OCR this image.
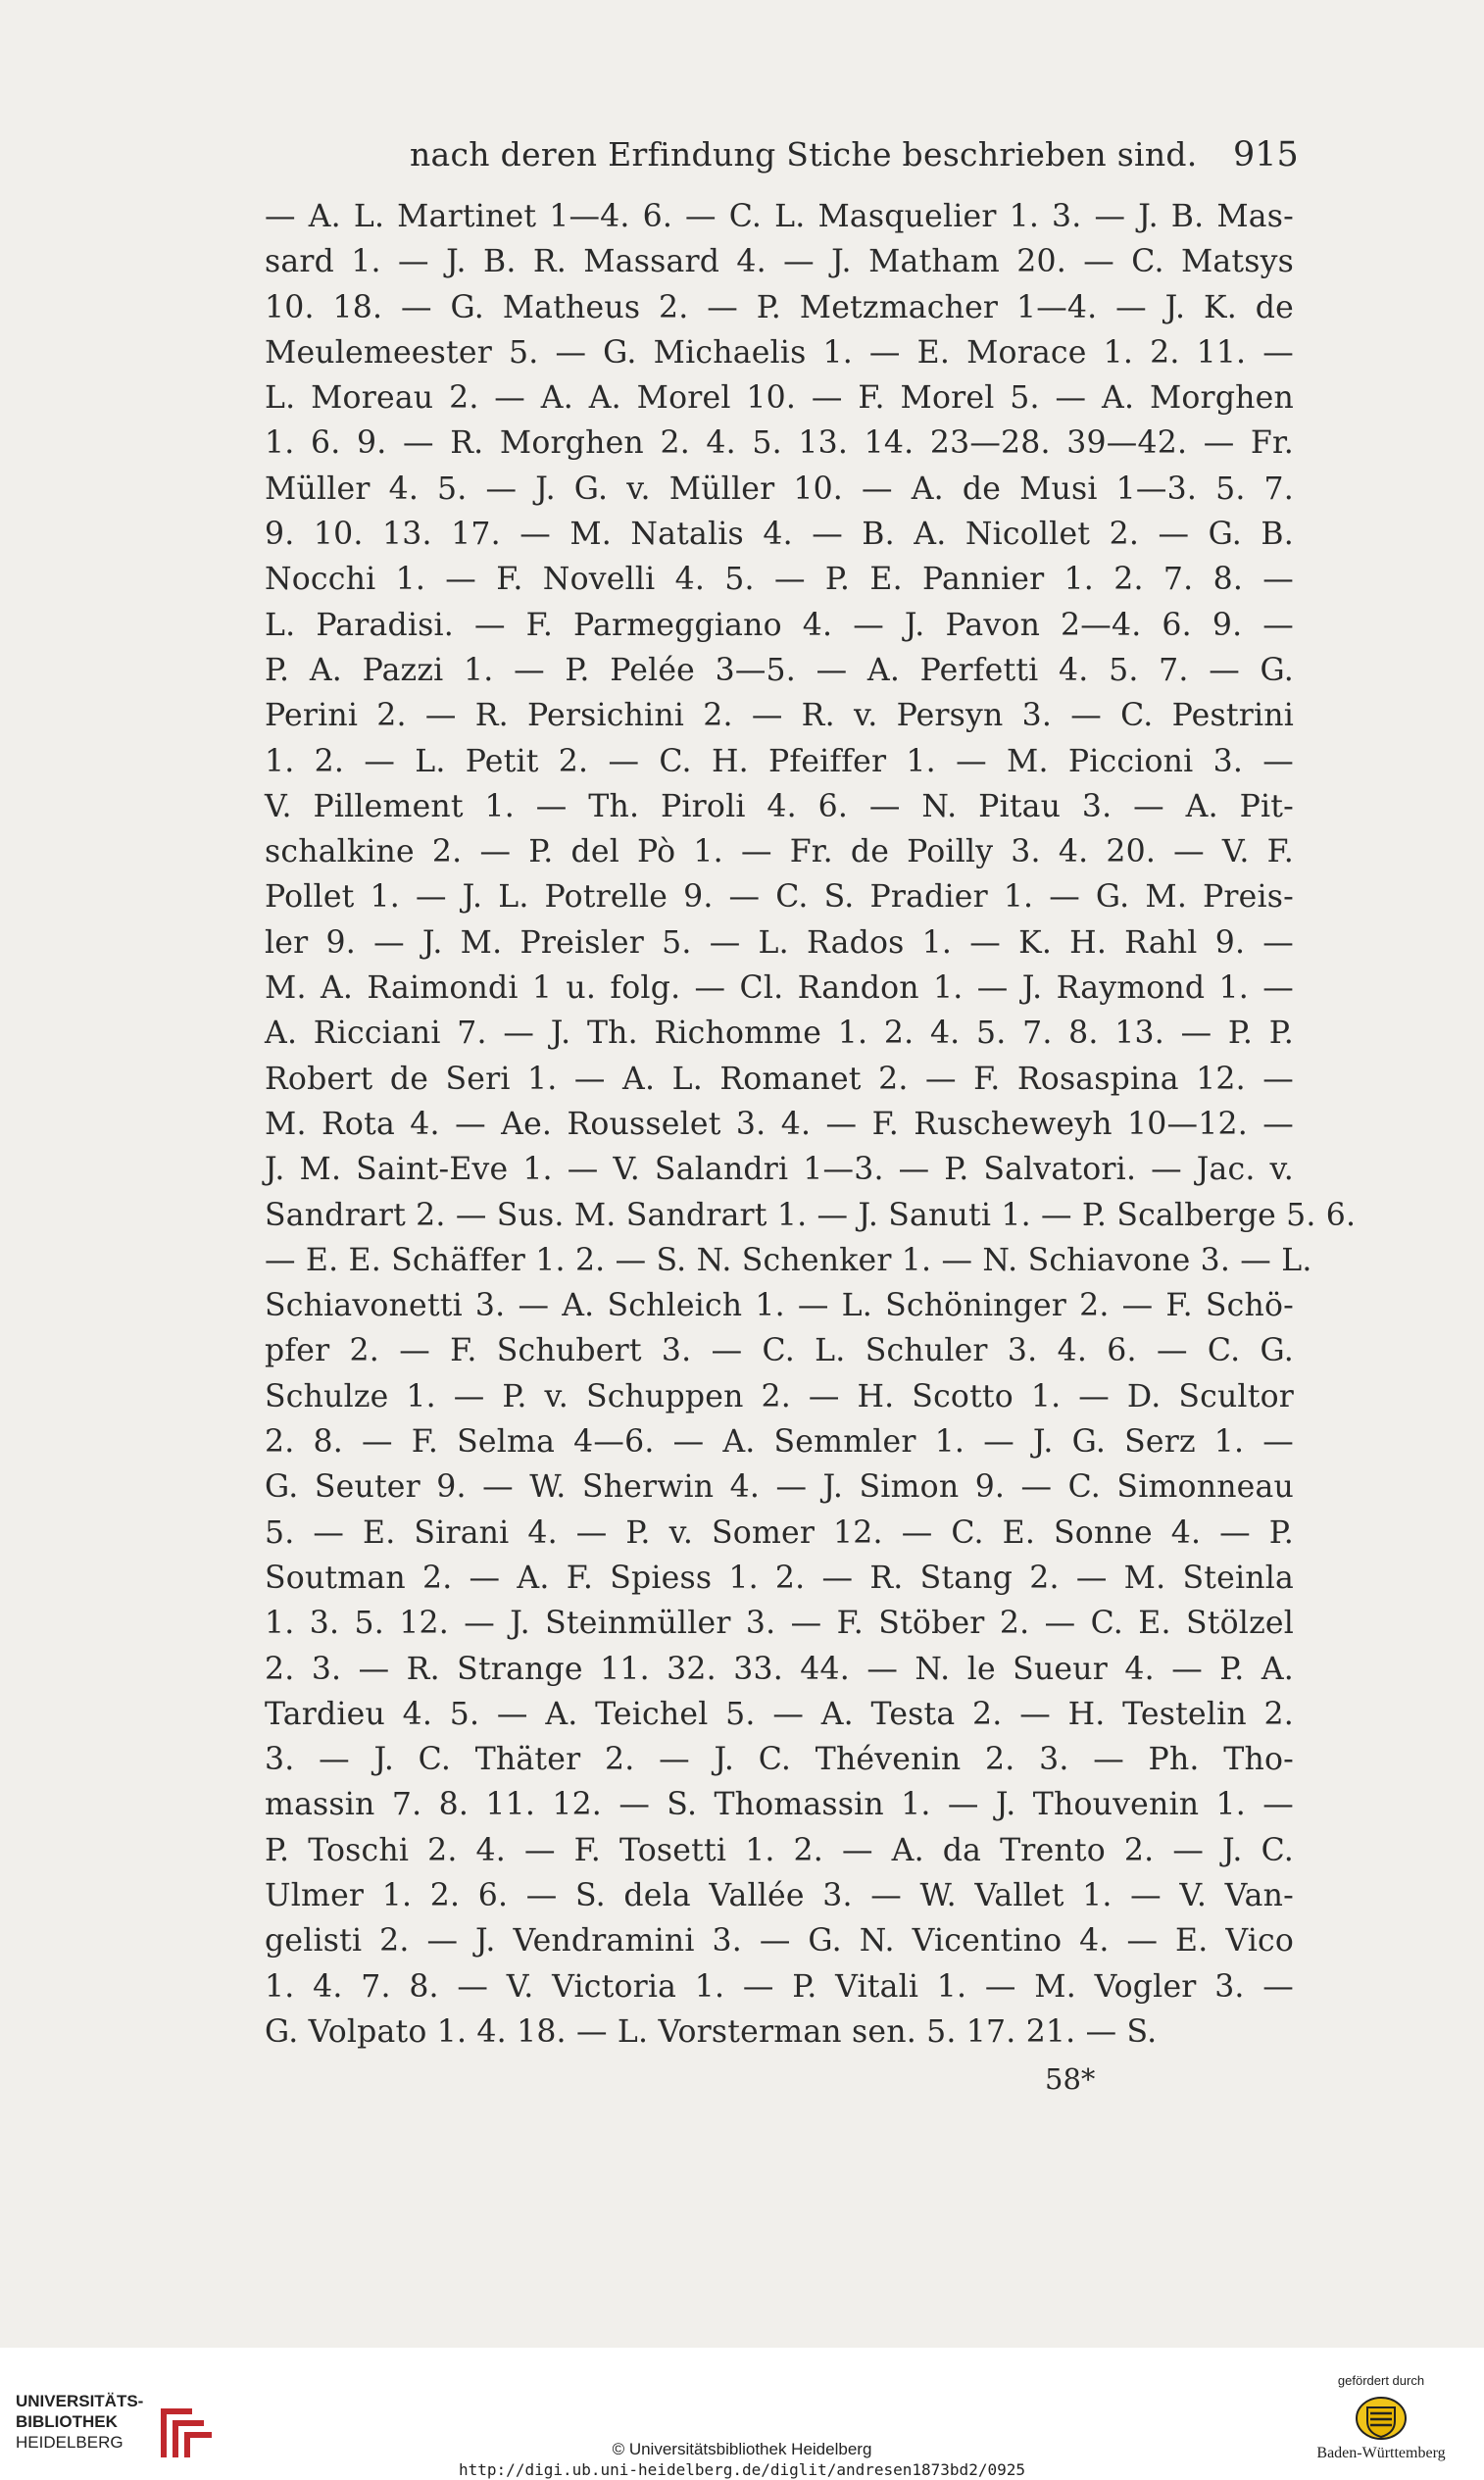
nach deren Erfindung Stiche beschrieben sind. 915
— A. L. Martinet 1—4. 6. — C. L. Masquelier 1. 3. — J. B. Mas-
sard 1. — J. B. R. Massard 4. — J. Matham 20. — C. Matsys
10. 18. — G. Matheus 2. — P. Metzmacher 1—4. — J. K. de
Meulemeester 5. — G. Michaelis 1. — E. Morace 1. 2. 11. —
L. Moreau 2. — A. A. Morel 10. — F. Morel 5. — A. Morghen
1. 6. 9. — R. Morghen 2. 4. 5. 13. 14. 23—28. 39—42. — Fr.
Müller 4. 5. — J. G. v. Müller 10. — A. de Musi 1—3. 5. 7.
9. 10. 13. 17. — M. Natalis 4. — B. A. Nicollet 2. — G. B.
Nocchi 1. — F. Novelli 4. 5. — P. E. Pannier 1. 2. 7. 8. —
L. Paradisi. — F. Parmeggiano 4. — J. Pavon 2—4. 6. 9. —
P. A. Pazzi 1. — P. Pelée 3—5. — A. Perfetti 4. 5. 7. — G.
Perini 2. — R. Persichini 2. — R. v. Persyn 3. — C. Pestrini
1. 2. — L. Petit 2. — C. H. Pfeiffer 1. — M. Piccioni 3. —
V. Pillement 1. — Th. Piroli 4. 6. — N. Pitau 3. — A. Pit-
schalkine 2. — P. del Pò 1. — Fr. de Poilly 3. 4. 20. — V. F.
Pollet 1. — J. L. Potrelle 9. — C. S. Pradier 1. — G. M. Preis-
ler 9. — J. M. Preisler 5. — L. Rados 1. — K. H. Rahl 9. —
M. A. Raimondi 1 u. folg. — Cl. Randon 1. — J. Raymond 1. —
A. Ricciani 7. — J. Th. Richomme 1. 2. 4. 5. 7. 8. 13. — P. P.
Robert de Seri 1. — A. L. Romanet 2. — F. Rosaspina 12. —
M. Rota 4. — Ae. Rousselet 3. 4. — F. Ruscheweyh 10—12. —
J. M. Saint-Eve 1. — V. Salandri 1—3. — P. Salvatori. — Jac. v.
Sandrart 2. — Sus. M. Sandrart 1. — J. Sanuti 1. — P. Scalberge 5. 6.
— E. E. Schäffer 1. 2. — S. N. Schenker 1. — N. Schiavone 3. — L.
Schiavonetti 3. — A. Schleich 1. — L. Schöninger 2. — F. Schö-
pfer 2. — F. Schubert 3. — C. L. Schuler 3. 4. 6. — C. G.
Schulze 1. — P. v. Schuppen 2. — H. Scotto 1. — D. Scultor
2. 8. — F. Selma 4—6. — A. Semmler 1. — J. G. Serz 1. —
G. Seuter 9. — W. Sherwin 4. — J. Simon 9. — C. Simonneau
5. — E. Sirani 4. — P. v. Somer 12. — C. E. Sonne 4. — P.
Soutman 2. — A. F. Spiess 1. 2. — R. Stang 2. — M. Steinla
1. 3. 5. 12. — J. Steinmüller 3. — F. Stöber 2. — C. E. Stölzel
2. 3. — R. Strange 11. 32. 33. 44. — N. le Sueur 4. — P. A.
Tardieu 4. 5. — A. Teichel 5. — A. Testa 2. — H. Testelin 2.
3. — J. C. Thäter 2. — J. C. Thévenin 2. 3. — Ph. Tho-
massin 7. 8. 11. 12. — S. Thomassin 1. — J. Thouvenin 1. —
P. Toschi 2. 4. — F. Tosetti 1. 2. — A. da Trento 2. — J. C.
Ulmer 1. 2. 6. — S. dela Vallée 3. — W. Vallet 1. — V. Van-
gelisti 2. — J. Vendramini 3. — G. N. Vicentino 4. — E. Vico
1. 4. 7. 8. — V. Victoria 1. — P. Vitali 1. — M. Vogler 3. —
G. Volpato 1. 4. 18. — L. Vorsterman sen. 5. 17. 21. — S.
58*
UNIVERSITÄTS-
BIBLIOTHEK
HEIDELBERG	© Universitätsbibliothek Heidelberg
http://digi.ub.uni-heidelberg.de/diglit/andresen1873bd2/0925
gefördert durch
Baden-Württemberg
